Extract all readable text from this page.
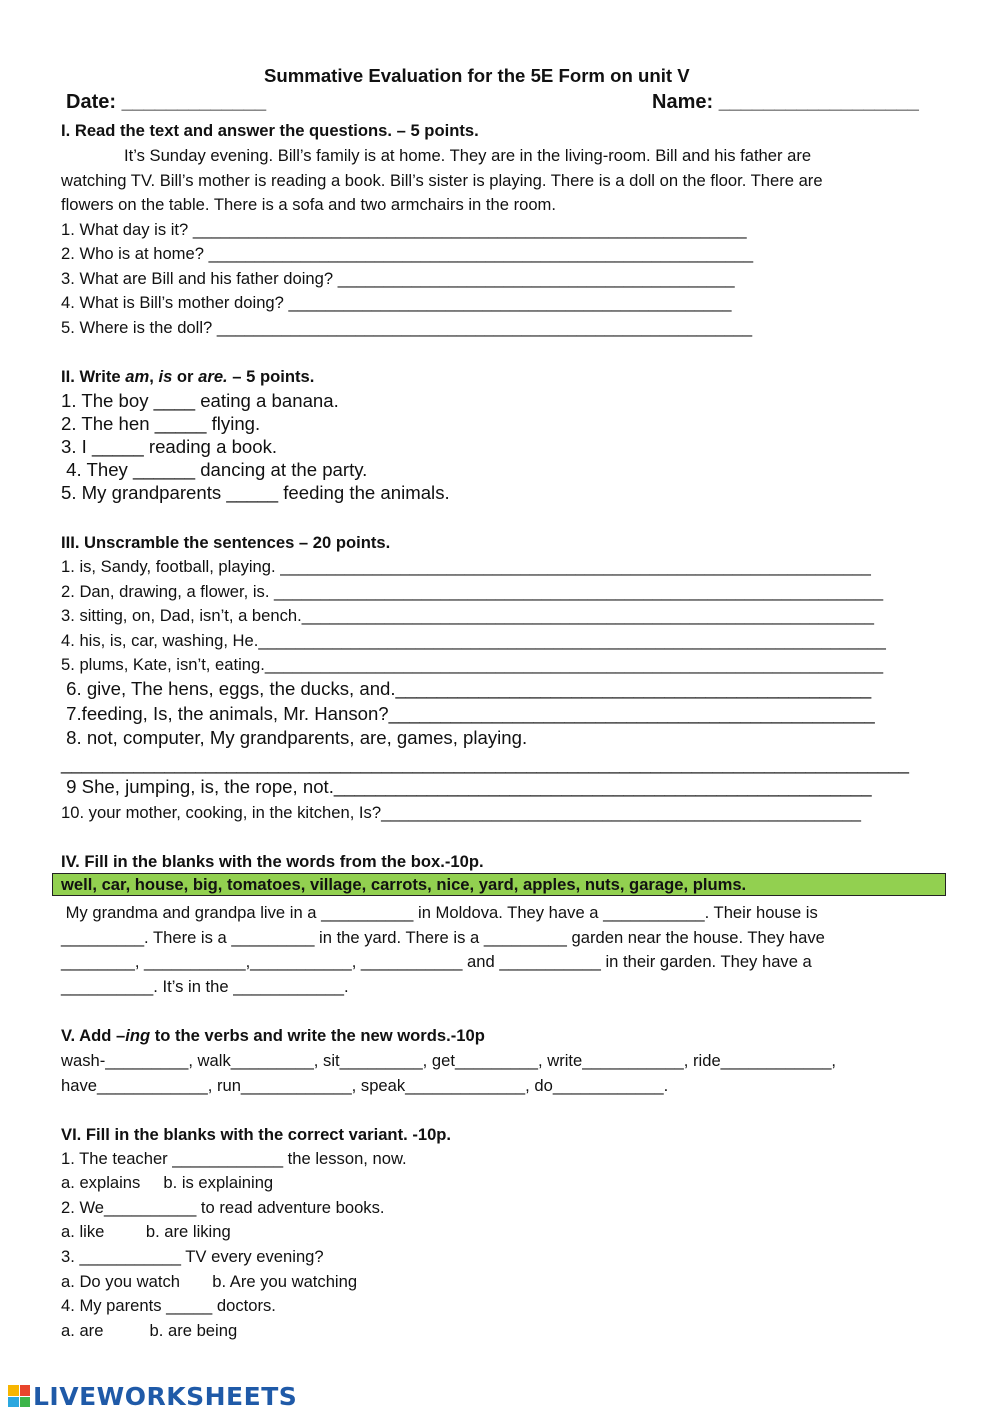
Summative Evaluation for the 5E Form on unit V
Date: _____________	Name: __________________
I. Read the text and answer the questions. – 5 points.
It’s Sunday evening. Bill’s family is at home. They are in the living-room. Bill and his father are
watching TV. Bill’s mother is reading a book. Bill’s sister is playing. There is a doll on the floor. There are
flowers on the table. There is a sofa and two armchairs in the room.
1. What day is it? ____________________________________________________________
2. Who is at home? ___________________________________________________________
3. What are Bill and his father doing? ___________________________________________
4. What is Bill’s mother doing? ________________________________________________
5. Where is the doll? __________________________________________________________
II. Write am, is or are. – 5 points.
1. The boy ____ eating a banana.
2. The hen _____ flying.
3. I _____ reading a book.
4. They ______ dancing at the party.
5. My grandparents _____ feeding the animals.
III. Unscramble the sentences – 20 points.
1. is, Sandy, football, playing. ________________________________________________________________
2. Dan, drawing, a flower, is. __________________________________________________________________
3. sitting, on, Dad, isn’t, a bench.______________________________________________________________
4. his, is, car, washing, He.____________________________________________________________________
5. plums, Kate, isn’t, eating.___________________________________________________________________
6. give, The hens, eggs, the ducks, and.______________________________________________
7.feeding, Is, the animals, Mr. Hanson?_______________________________________________
8. not, computer, My grandparents, are, games, playing.
__________________________________________________________________________________
9 She, jumping, is, the rope, not.____________________________________________________
10. your mother, cooking, in the kitchen, Is?____________________________________________________
IV. Fill in the blanks with the words from the box.-10p.
well, car, house, big, tomatoes, village, carrots, nice, yard, apples, nuts, garage, plums.
My grandma and grandpa live in a __________ in Moldova. They have a ___________. Their house is
_________. There is a _________ in the yard. There is a _________ garden near the house. They have
________, ___________,___________, ___________ and ___________ in their garden. They have a
__________. It’s in the ____________.
V. Add –ing to the verbs and write the new words.-10p
wash-_________, walk_________, sit_________, get_________, write___________, ride____________,
have____________, run____________, speak_____________, do____________.
VI. Fill in the blanks with the correct variant. -10p.
1. The teacher ____________ the lesson, now.
a. explains     b. is explaining
2. We__________ to read adventure books.
a. like         b. are liking
3. ___________ TV every evening?
a. Do you watch       b. Are you watching
4. My parents _____ doctors.
a. are          b. are being
LIVEWORKSHEETS
